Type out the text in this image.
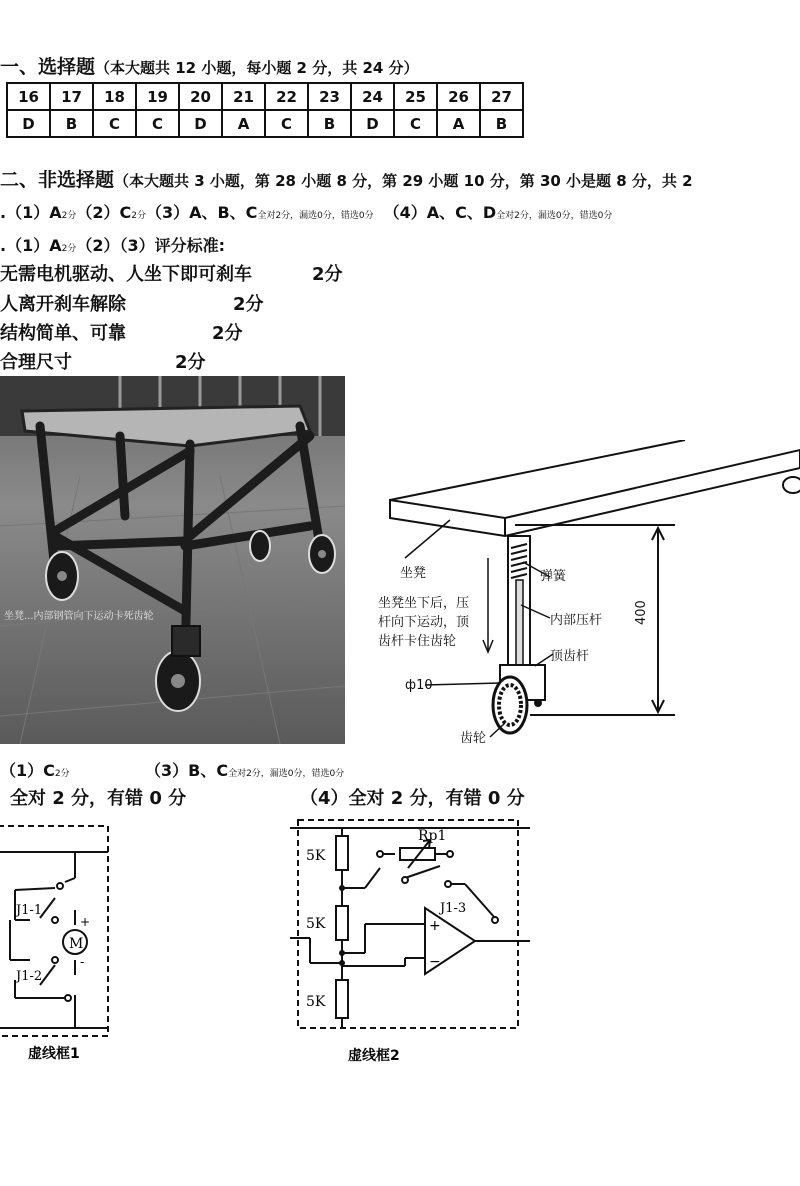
一、选择题（本大题共 12 小题，每小题 2 分，共 24 分）
16	17	18	19	20	21	22	23	24	25	26	27
D	B	C	C	D	A	C	B	D	C	A	B
二、非选择题（本大题共 3 小题，第 28 小题 8 分，第 29 小题 10 分，第 30 小是题 8 分，共 2
.（1）A2分（2）C2分（3）A、B、C全对2分，漏选0分，错选0分 （4）A、C、D全对2分，漏选0分，错选0分
.（1）A2分（2）（3）评分标准:
无需电机驱动、人坐下即可刹车	2分
人离开刹车解除	2分
结构简单、可靠	2分
合理尺寸	2分
坐凳...内部钢管向下运动卡死齿轮	400
坐凳	弹簧
坐凳坐下后，压
杆向下运动，顶
齿杆卡住齿轮
内部压杆
顶齿杆
ф10
齿轮
（1）C2分	（3）B、C全对2分，漏选0分，错选0分
全对 2 分，有错 0 分	（4）全对 2 分，有错 0 分
M
+
-
J1-1
J1-2
虚线框1
5K
5K
5K
Rp1
J1-3
+
−
虚线框2
